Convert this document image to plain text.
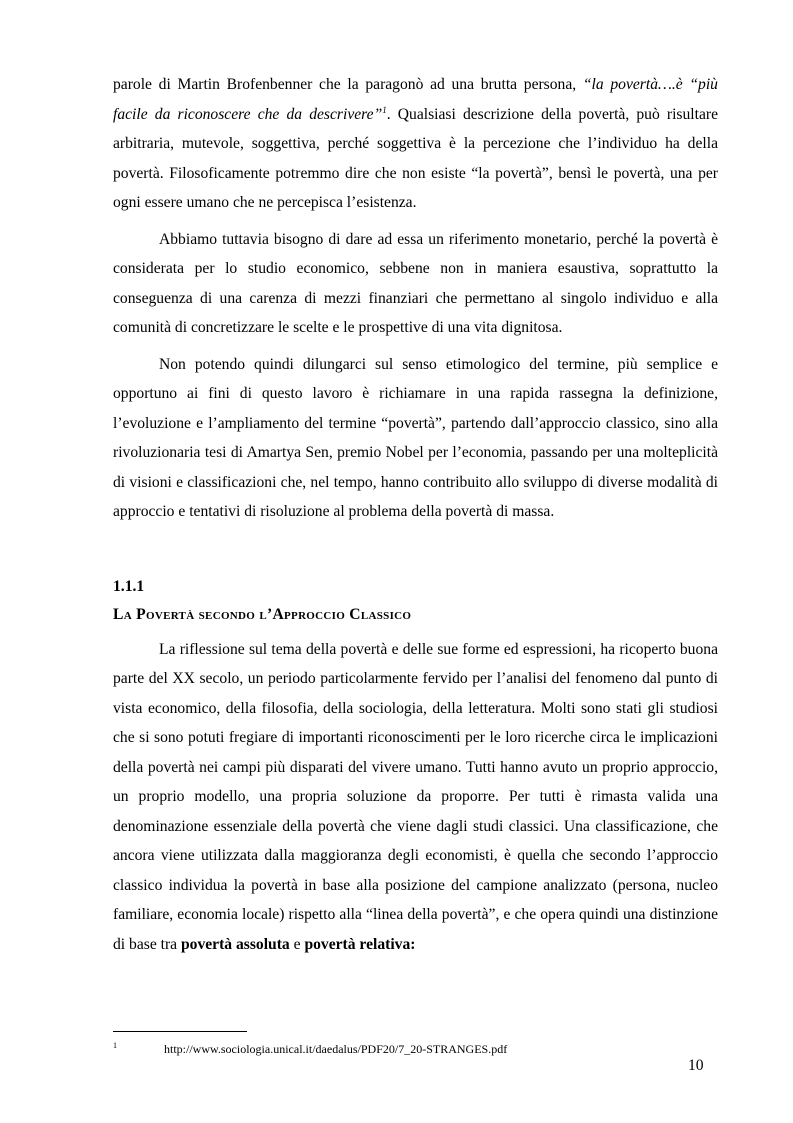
parole di Martin Brofenbenner che la paragonò ad una brutta persona, “la povertà….è “più facile da riconoscere che da descrivere”$^1$. Qualsiasi descrizione della povertà, può risultare arbitraria, mutevole, soggettiva, perché soggettiva è la percezione che l’individuo ha della povertà. Filosoficamente potremmo dire che non esiste “la povertà”, bensì le povertà, una per ogni essere umano che ne percepisca l’esistenza.

Abbiamo tuttavia bisogno di dare ad essa un riferimento monetario, perché la povertà è considerata per lo studio economico, sebbene non in maniera esaustiva, soprattutto la conseguenza di una carenza di mezzi finanziari che permettano al singolo individuo e alla comunità di concretizzare le scelte e le prospettive di una vita dignitosa.

Non potendo quindi dilungarci sul senso etimologico del termine, più semplice e opportuno ai fini di questo lavoro è richiamare in una rapida rassegna la definizione, l’evoluzione e l’ampliamento del termine “povertà”, partendo dall’approccio classico, sino alla rivoluzionaria tesi di Amartya Sen, premio Nobel per l’economia, passando per una molteplicità di visioni e classificazioni che, nel tempo, hanno contribuito allo sviluppo di diverse modalità di approccio e tentativi di risoluzione al problema della povertà di massa.

1.1.1
La Povertà secondo l’Approccio Classico

La riflessione sul tema della povertà e delle sue forme ed espressioni, ha ricoperto buona parte del XX secolo, un periodo particolarmente fervido per l’analisi del fenomeno dal punto di vista economico, della filosofia, della sociologia, della letteratura. Molti sono stati gli studiosi che si sono potuti fregiare di importanti riconoscimenti per le loro ricerche circa le implicazioni della povertà nei campi più disparati del vivere umano. Tutti hanno avuto un proprio approccio, un proprio modello, una propria soluzione da proporre. Per tutti è rimasta valida una denominazione essenziale della povertà che viene dagli studi classici. Una classificazione, che ancora viene utilizzata dalla maggioranza degli economisti, è quella che secondo l’approccio classico individua la povertà in base alla posizione del campione analizzato (persona, nucleo familiare, economia locale) rispetto alla “linea della povertà”, e che opera quindi una distinzione di base tra povertà assoluta e povertà relativa:

1	http://www.sociologia.unical.it/daedalus/PDF20/7_20-STRANGES.pdf
10
